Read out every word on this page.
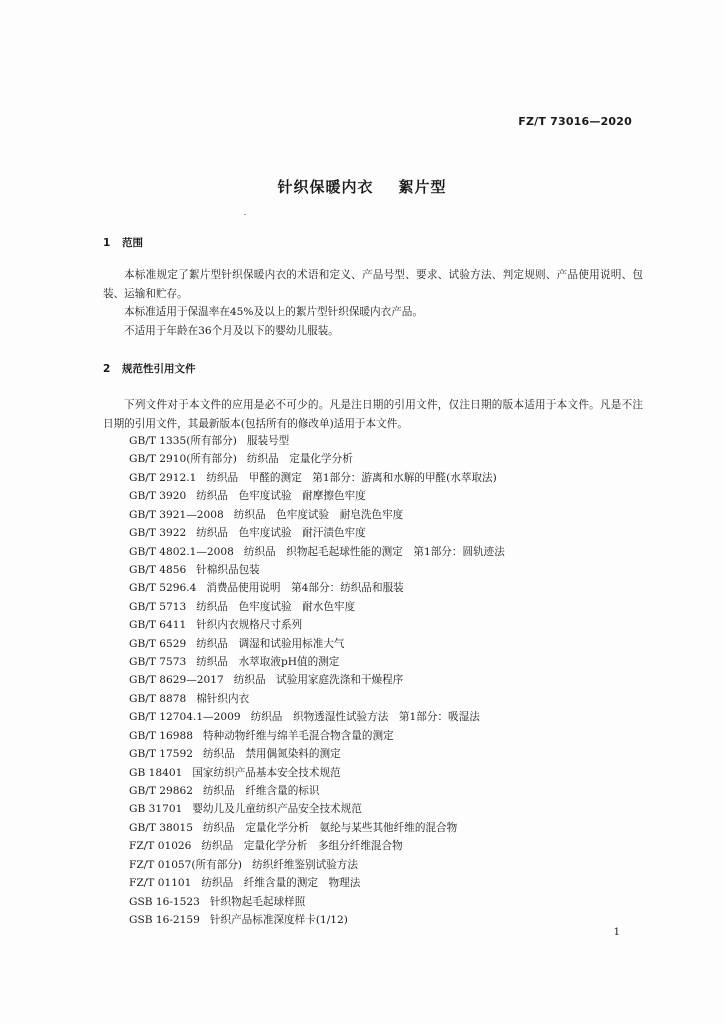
FZ/T 73016—2020
针织保暖内衣 絮片型
1 范围

本标准规定了絮片型针织保暖内衣的术语和定义、产品号型、要求、试验方法、判定规则、产品使用说明、包装、运输和贮存。

本标准适用于保温率在45%及以上的絮片型针织保暖内衣产品。

不适用于年龄在36个月及以下的婴幼儿服装。

2 规范性引用文件

下列文件对于本文件的应用是必不可少的。凡是注日期的引用文件，仅注日期的版本适用于本文件。凡是不注日期的引用文件，其最新版本(包括所有的修改单)适用于本文件。

GB/T 1335(所有部分) 服装号型
GB/T 2910(所有部分) 纺织品　定量化学分析
GB/T 2912.1 纺织品　甲醛的测定　第1部分：游离和水解的甲醛(水萃取法)
GB/T 3920 纺织品　色牢度试验　耐摩擦色牢度
GB/T 3921—2008 纺织品　色牢度试验　耐皂洗色牢度
GB/T 3922 纺织品　色牢度试验　耐汗渍色牢度
GB/T 4802.1—2008 纺织品　织物起毛起球性能的测定　第1部分：圆轨迹法
GB/T 4856 针棉织品包装
GB/T 5296.4 消费品使用说明　第4部分：纺织品和服装
GB/T 5713 纺织品　色牢度试验　耐水色牢度
GB/T 6411 针织内衣规格尺寸系列
GB/T 6529 纺织品　调湿和试验用标准大气
GB/T 7573 纺织品　水萃取液pH值的测定
GB/T 8629—2017 纺织品　试验用家庭洗涤和干燥程序
GB/T 8878 棉针织内衣
GB/T 12704.1—2009 纺织品　织物透湿性试验方法　第1部分：吸湿法
GB/T 16988 特种动物纤维与绵羊毛混合物含量的测定
GB/T 17592 纺织品　禁用偶氮染料的测定
GB 18401 国家纺织产品基本安全技术规范
GB/T 29862 纺织品　纤维含量的标识
GB 31701 婴幼儿及儿童纺织产品安全技术规范
GB/T 38015 纺织品　定量化学分析　氨纶与某些其他纤维的混合物
FZ/T 01026 纺织品　定量化学分析　多组分纤维混合物
FZ/T 01057(所有部分) 纺织纤维鉴别试验方法
FZ/T 01101 纺织品　纤维含量的测定　物理法
GSB 16-1523 针织物起毛起球样照
GSB 16-2159 针织产品标准深度样卡(1/12)
1
